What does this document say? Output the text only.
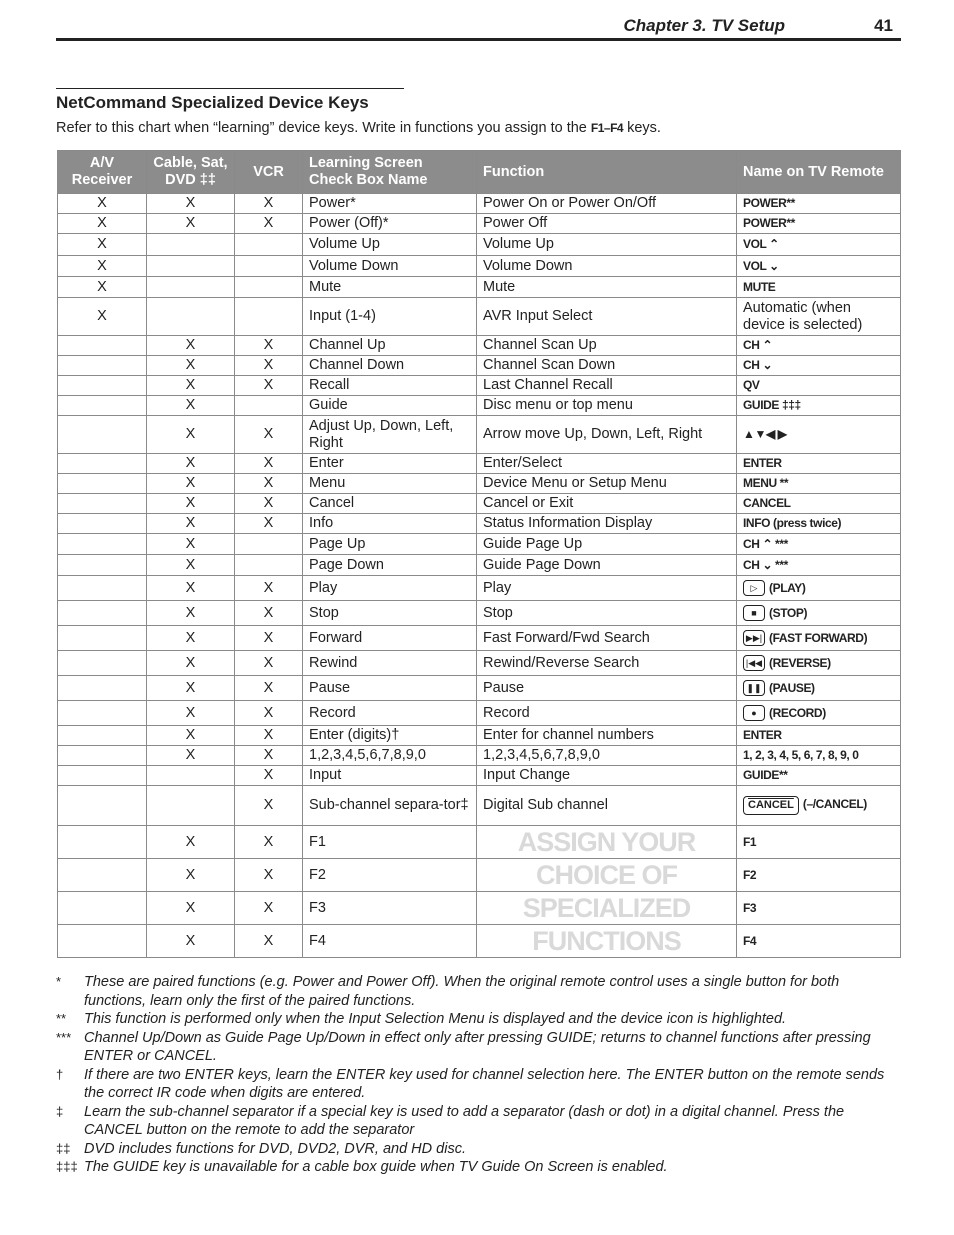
Chapter 3. TV Setup	41
NetCommand Specialized Device Keys
Refer to this chart when “learning” device keys. Write in functions you assign to the F1–F4 keys.
A/V Receiver	Cable, Sat, DVD ‡‡	VCR	Learning Screen Check Box Name	Function	Name on TV Remote
X	X	X	Power*	Power On or Power On/Off	POWER**
X	X	X	Power (Off)*	Power Off	POWER**
X			Volume Up	Volume Up	VOL ⌃
X			Volume Down	Volume Down	VOL ⌄
X			Mute	Mute	MUTE
X			Input (1-4)	AVR Input Select	Automatic (when device is selected)
	X	X	Channel Up	Channel Scan Up	CH ⌃
	X	X	Channel Down	Channel Scan Down	CH ⌄
	X	X	Recall	Last Channel Recall	QV
	X		Guide	Disc menu or top menu	GUIDE ‡‡‡
	X	X	Adjust Up, Down, Left, Right	Arrow move Up, Down, Left, Right	▲▼◀ ▶
	X	X	Enter	Enter/Select	ENTER
	X	X	Menu	Device Menu or Setup Menu	MENU **
	X	X	Cancel	Cancel or Exit	CANCEL
	X	X	Info	Status Information Display	INFO (press twice)
	X		Page Up	Guide Page Up	CH ⌃ ***
	X		Page Down	Guide Page Down	CH ⌄ ***
	X	X	Play	Play	▷ (PLAY)
	X	X	Stop	Stop	■ (STOP)
	X	X	Forward	Fast Forward/Fwd Search	▶▶| (FAST FORWARD)
	X	X	Rewind	Rewind/Reverse Search	|◀◀ (REVERSE)
	X	X	Pause	Pause	❚❚ (PAUSE)
	X	X	Record	Record	● (RECORD)
	X	X	Enter (digits)†	Enter for channel numbers	ENTER
	X	X	1,2,3,4,5,6,7,8,9,0	1,2,3,4,5,6,7,8,9,0	1, 2, 3, 4, 5, 6, 7, 8, 9, 0
		X	Input	Input Change	GUIDE**
		X	Sub-channel separa-tor‡	Digital Sub channel	CANCEL (–/CANCEL)
	X	X	F1	ASSIGN YOUR	F1
	X	X	F2	CHOICE OF	F2
	X	X	F3	SPECIALIZED	F3
	X	X	F4	FUNCTIONS	F4
*	These are paired functions (e.g. Power and Power Off). When the original remote control uses a single button for both functions, learn only the first of the paired functions.
**	This function is performed only when the Input Selection Menu is displayed and the device icon is highlighted.
*** Channel Up/Down as Guide Page Up/Down in effect only after pressing GUIDE; returns to channel functions after pressing ENTER or CANCEL.
†	If there are two ENTER keys, learn the ENTER key used for channel selection here. The ENTER button on the remote sends the correct IR code when digits are entered.
‡	Learn the sub-channel separator if a special key is used to add a separator (dash or dot) in a digital channel. Press the CANCEL button on the remote to add the separator
‡‡ DVD includes functions for DVD, DVD2, DVR, and HD disc.
‡‡‡ The GUIDE key is unavailable for a cable box guide when TV Guide On Screen is enabled.
